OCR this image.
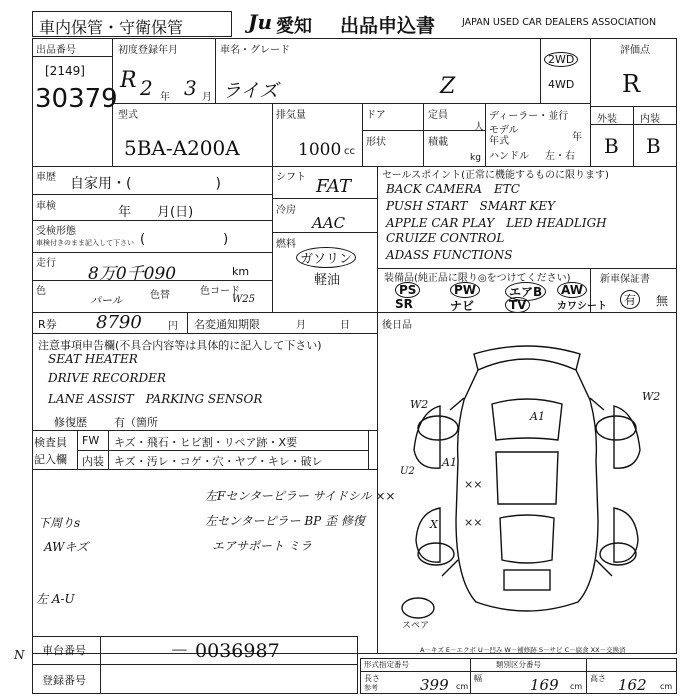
車内保管・守衛保管	Ju 愛知 出品申込書	JAPAN USED CAR DEALERS ASSOCIATION
出品番号
[2149]
30379
初度登録年月
R 2 年 3 月
車名・グレード
ライズ	Z
2WD
4WD
評価点
R
外装 内装
B B
型式
5BA-A200A
排気量
1000 cc
ドア
形状
定員
人
積載
kg
ディーラー・並行
モデル
年式	年
ハンドル 左・右
車歴 自家用・(　　　　　　)
車検	年　　月(日)
受検形態
車検付きのまま記入して下さい (　　　　　　)
走行
8万0千090	km
色
パール	色替	色コード
W25
シフト FAT
冷房
AAC
燃料
ガソリン
軽油
セールスポイント(正常に機能するものに限ります)
BACK CAMERA　ETC
PUSH START　SMART KEY
APPLE CAR PLAY　LED HEADLIGH
CRUIZE CONTROL
ADASS FUNCTIONS
装備品(純正品に限り◎をつけてください)	新車保証書
有	無
PS	PW	エアB	AW
SR	ナビ	TV	カワシート
R券 8790	円 名変通知期限	月	日	後日品
注意事項申告欄(不具合内容等は具体的に記入して下さい)
SEAT HEATER
DRIVE RECORDER
LANE ASSIST　PARKING SENSOR
修復歴 有（箇所
検査員
記入欄
FW キズ・飛石・ヒビ割・リペア跡・X要
内装 キズ・汚レ・コゲ・穴・ヤブ・キレ・破レ
左Fセンターピラー サイドシル ××
左センターピラー BP 歪 修復
エアサポート ミラ
下周りs
AWキズ
左 A-U
W2
W2
A1
A1
U2
××
××
X
スペア
A－キズ E－エクボ U－凹み W－補修跡 S－サビ C－腐食 XX－交換済
N 車台番号	－ 0036987
登録番号
形式指定番号	類別区分番号
長さ
参考	399 cm
幅	169 cm
高さ 162 cm
